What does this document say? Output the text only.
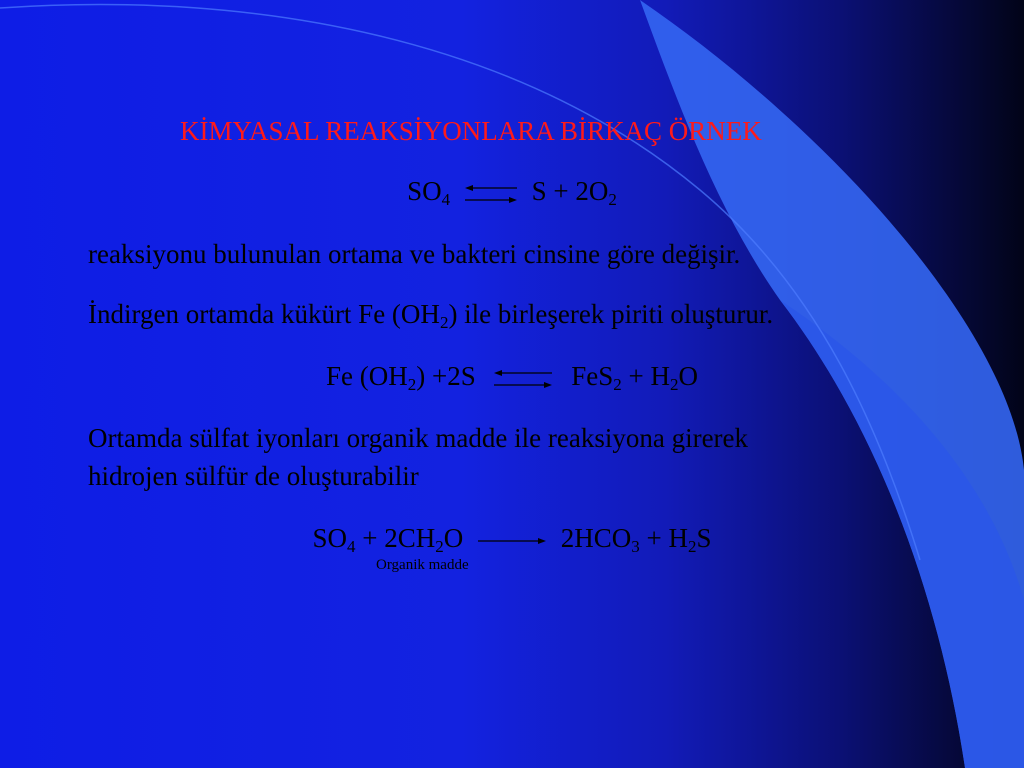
KİMYASAL REAKSİYONLARA BİRKAÇ ÖRNEK
$SO_4$ ⇌ $S + 2O_2$
reaksiyonu bulunulan ortama ve bakteri cinsine göre değişir.
İndirgen ortamda kükürt Fe $(OH_2)$ ile birleşerek piriti oluşturur.
Fe $(OH_2) +2S$ ⇌ $FeS_2 + H_2O$
Ortamda sülfat iyonları organik madde ile reaksiyona girerek
hidrojen sülfür de oluşturabilir
$SO_4 + 2CH_2O \to 2HCO_3 + H_2S$
Organik madde
